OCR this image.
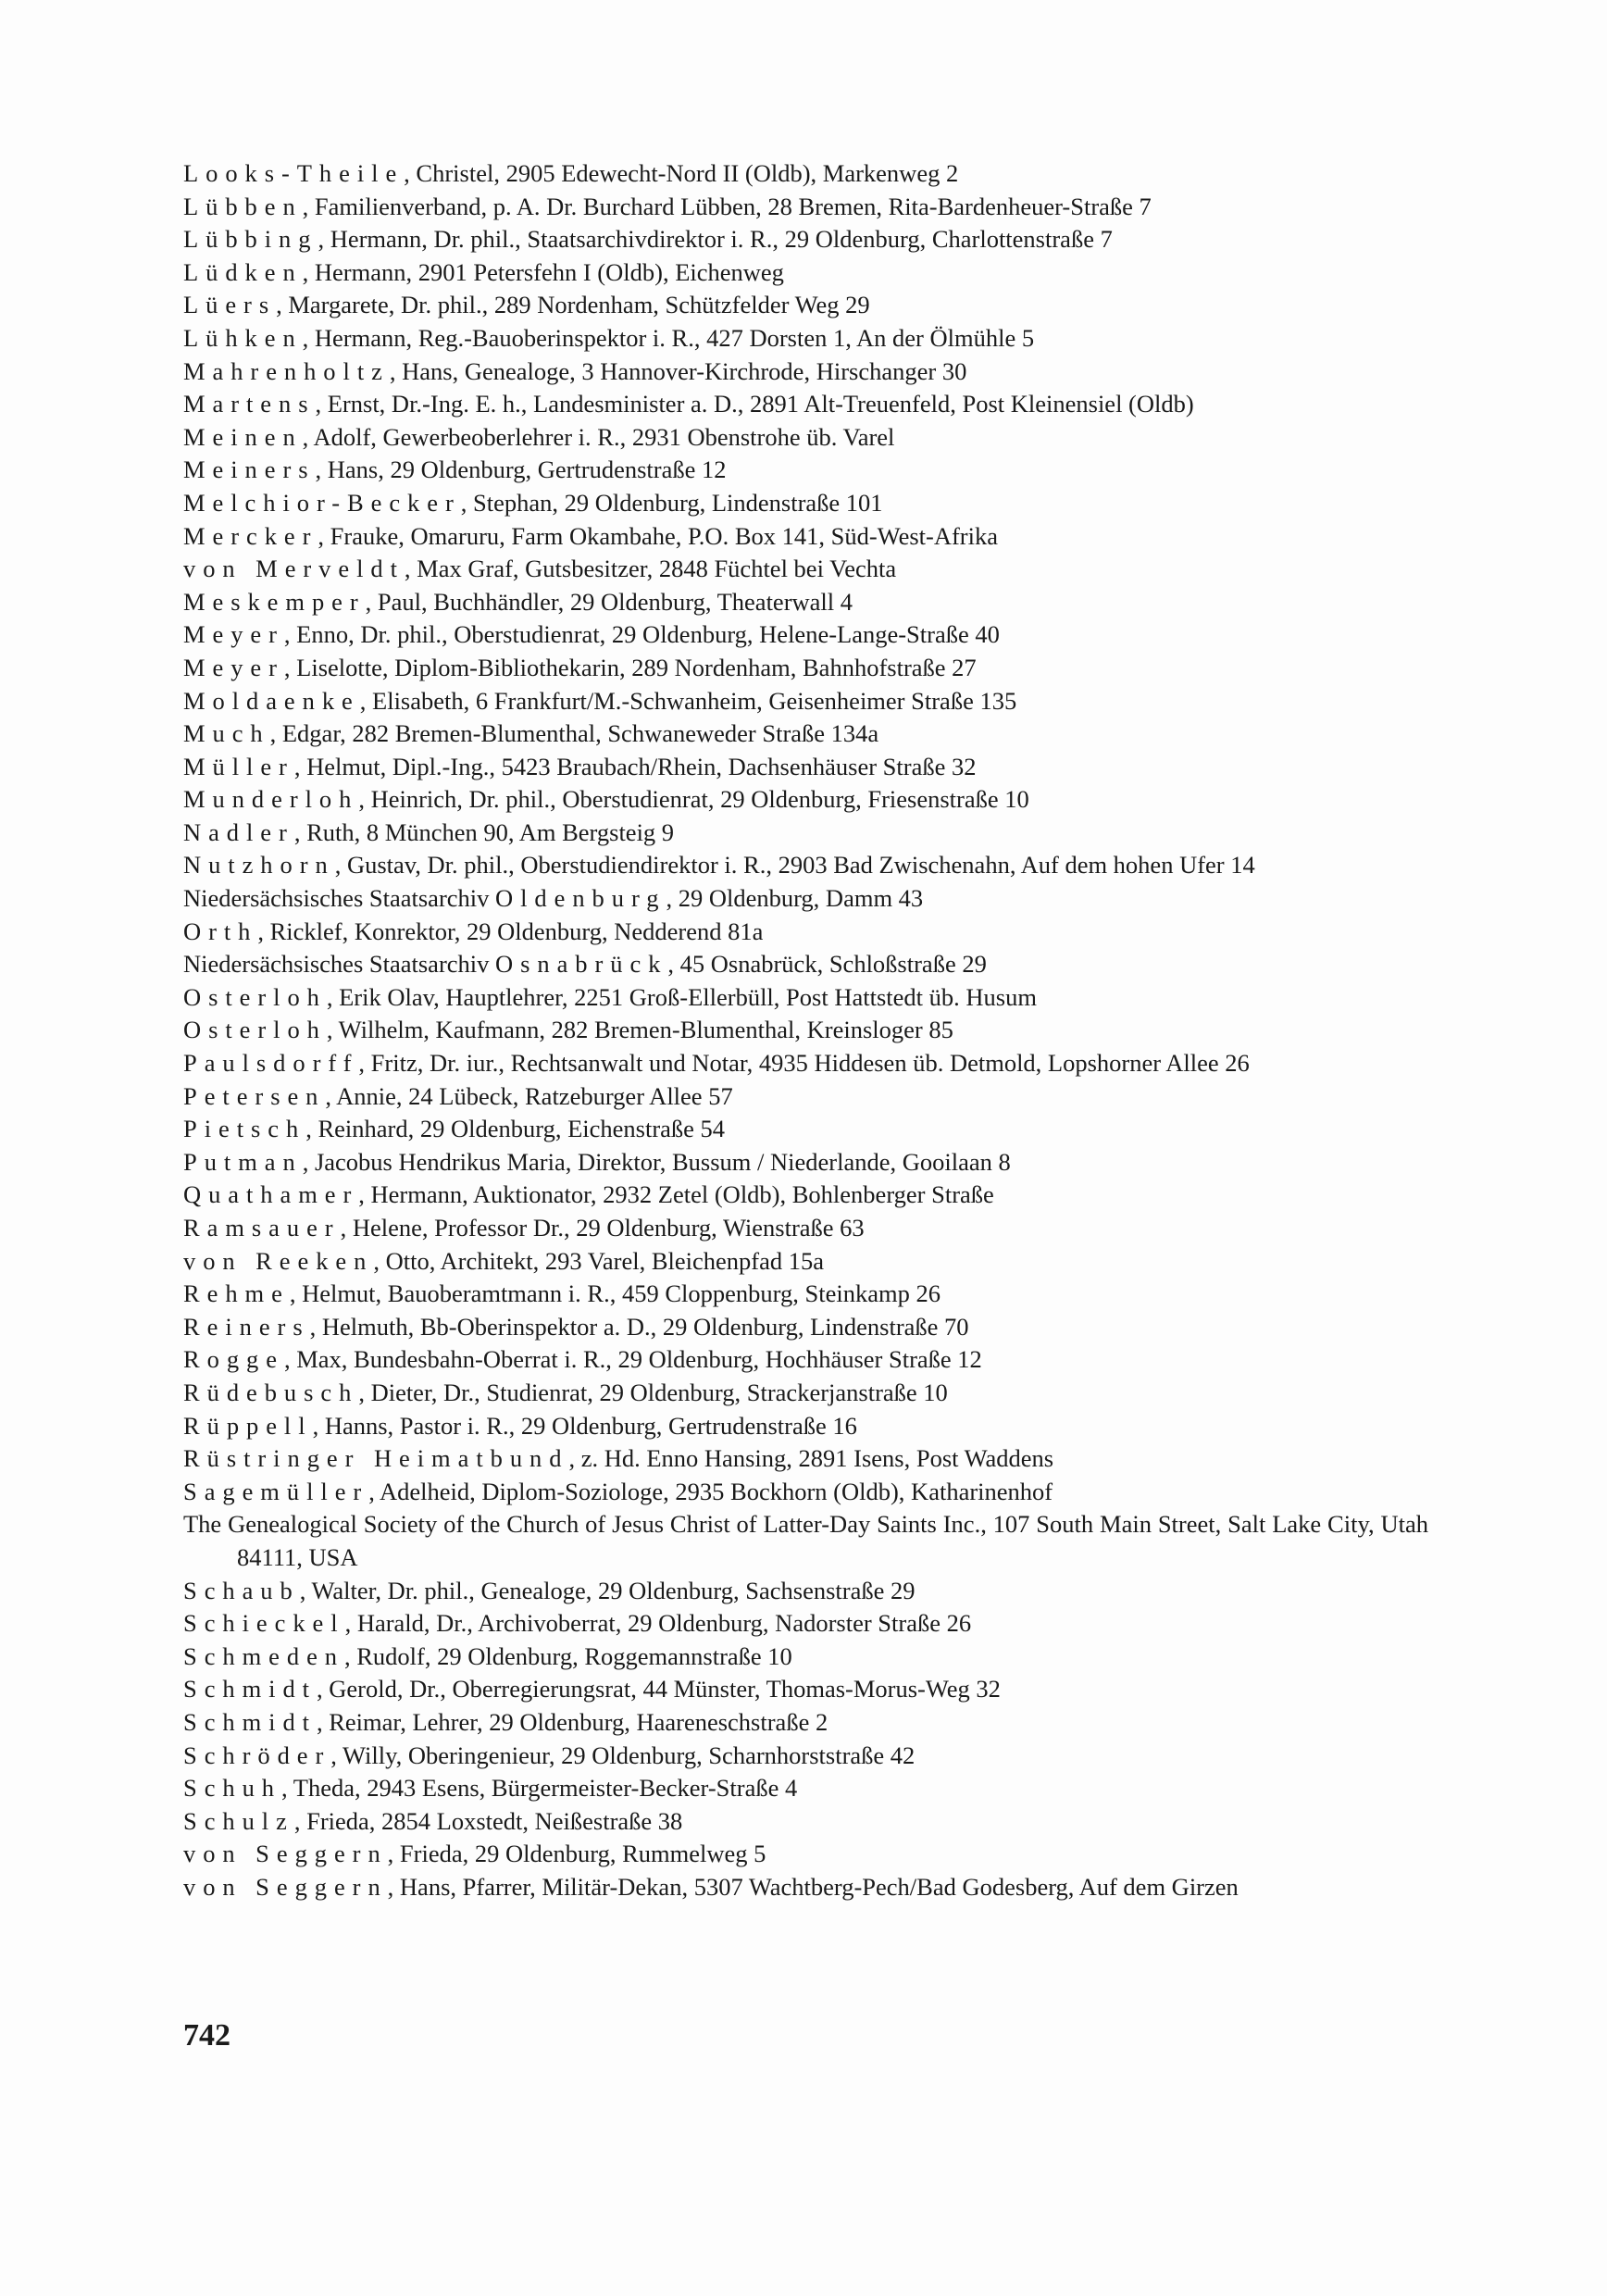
Looks-Theile, Christel, 2905 Edewecht-Nord II (Oldb), Markenweg 2
Lübben, Familienverband, p. A. Dr. Burchard Lübben, 28 Bremen, Rita-Bardenheuer-Straße 7
Lübbing, Hermann, Dr. phil., Staatsarchivdirektor i. R., 29 Oldenburg, Charlottenstraße 7
Lüdken, Hermann, 2901 Petersfehn I (Oldb), Eichenweg
Lüers, Margarete, Dr. phil., 289 Nordenham, Schützfelder Weg 29
Lühken, Hermann, Reg.-Bauoberinspektor i. R., 427 Dorsten 1, An der Ölmühle 5
Mahrenholtz, Hans, Genealoge, 3 Hannover-Kirchrode, Hirschanger 30
Martens, Ernst, Dr.-Ing. E. h., Landesminister a. D., 2891 Alt-Treuenfeld, Post Kleinensiel (Oldb)
Meinen, Adolf, Gewerbeoberlehrer i. R., 2931 Obenstrohe üb. Varel
Meiners, Hans, 29 Oldenburg, Gertrudenstraße 12
Melchior-Becker, Stephan, 29 Oldenburg, Lindenstraße 101
Mercker, Frauke, Omaruru, Farm Okambahe, P.O. Box 141, Süd-West-Afrika
von Merveldt, Max Graf, Gutsbesitzer, 2848 Füchtel bei Vechta
Meskemper, Paul, Buchhändler, 29 Oldenburg, Theaterwall 4
Meyer, Enno, Dr. phil., Oberstudienrat, 29 Oldenburg, Helene-Lange-Straße 40
Meyer, Liselotte, Diplom-Bibliothekarin, 289 Nordenham, Bahnhofstraße 27
Moldaenke, Elisabeth, 6 Frankfurt/M.-Schwanheim, Geisenheimer Straße 135
Much, Edgar, 282 Bremen-Blumenthal, Schwaneweder Straße 134a
Müller, Helmut, Dipl.-Ing., 5423 Braubach/Rhein, Dachsenhäuser Straße 32
Munderloh, Heinrich, Dr. phil., Oberstudienrat, 29 Oldenburg, Friesenstraße 10
Nadler, Ruth, 8 München 90, Am Bergsteig 9
Nutzhorn, Gustav, Dr. phil., Oberstudiendirektor i. R., 2903 Bad Zwischenahn, Auf dem hohen Ufer 14
Niedersächsisches Staatsarchiv Oldenburg, 29 Oldenburg, Damm 43
Orth, Ricklef, Konrektor, 29 Oldenburg, Nedderend 81a
Niedersächsisches Staatsarchiv Osnabrück, 45 Osnabrück, Schloßstraße 29
Osterloh, Erik Olav, Hauptlehrer, 2251 Groß-Ellerbüll, Post Hattstedt üb. Husum
Osterloh, Wilhelm, Kaufmann, 282 Bremen-Blumenthal, Kreinsloger 85
Paulsdorff, Fritz, Dr. iur., Rechtsanwalt und Notar, 4935 Hiddesen üb. Detmold, Lopshorner Allee 26
Petersen, Annie, 24 Lübeck, Ratzeburger Allee 57
Pietsch, Reinhard, 29 Oldenburg, Eichenstraße 54
Putman, Jacobus Hendrikus Maria, Direktor, Bussum / Niederlande, Gooilaan 8
Quathamer, Hermann, Auktionator, 2932 Zetel (Oldb), Bohlenberger Straße
Ramsauer, Helene, Professor Dr., 29 Oldenburg, Wienstraße 63
von Reeken, Otto, Architekt, 293 Varel, Bleichenpfad 15a
Rehme, Helmut, Bauoberamtmann i. R., 459 Cloppenburg, Steinkamp 26
Reiners, Helmuth, Bb-Oberinspektor a. D., 29 Oldenburg, Lindenstraße 70
Rogge, Max, Bundesbahn-Oberrat i. R., 29 Oldenburg, Hochhäuser Straße 12
Rüdebusch, Dieter, Dr., Studienrat, 29 Oldenburg, Strackerjanstraße 10
Rüppell, Hanns, Pastor i. R., 29 Oldenburg, Gertrudenstraße 16
Rüstringer Heimatbund, z. Hd. Enno Hansing, 2891 Isens, Post Waddens
Sagemüller, Adelheid, Diplom-Soziologe, 2935 Bockhorn (Oldb), Katharinenhof
The Genealogical Society of the Church of Jesus Christ of Latter-Day Saints Inc., 107 South Main Street, Salt Lake City, Utah 84111, USA
Schaub, Walter, Dr. phil., Genealoge, 29 Oldenburg, Sachsenstraße 29
Schieckel, Harald, Dr., Archivoberrat, 29 Oldenburg, Nadorster Straße 26
Schmeden, Rudolf, 29 Oldenburg, Roggemannstraße 10
Schmidt, Gerold, Dr., Oberregierungsrat, 44 Münster, Thomas-Morus-Weg 32
Schmidt, Reimar, Lehrer, 29 Oldenburg, Haareneschstraße 2
Schröder, Willy, Oberingenieur, 29 Oldenburg, Scharnhorststraße 42
Schuh, Theda, 2943 Esens, Bürgermeister-Becker-Straße 4
Schulz, Frieda, 2854 Loxstedt, Neißestraße 38
von Seggern, Frieda, 29 Oldenburg, Rummelweg 5
von Seggern, Hans, Pfarrer, Militär-Dekan, 5307 Wachtberg-Pech/Bad Godesberg, Auf dem Girzen
742
